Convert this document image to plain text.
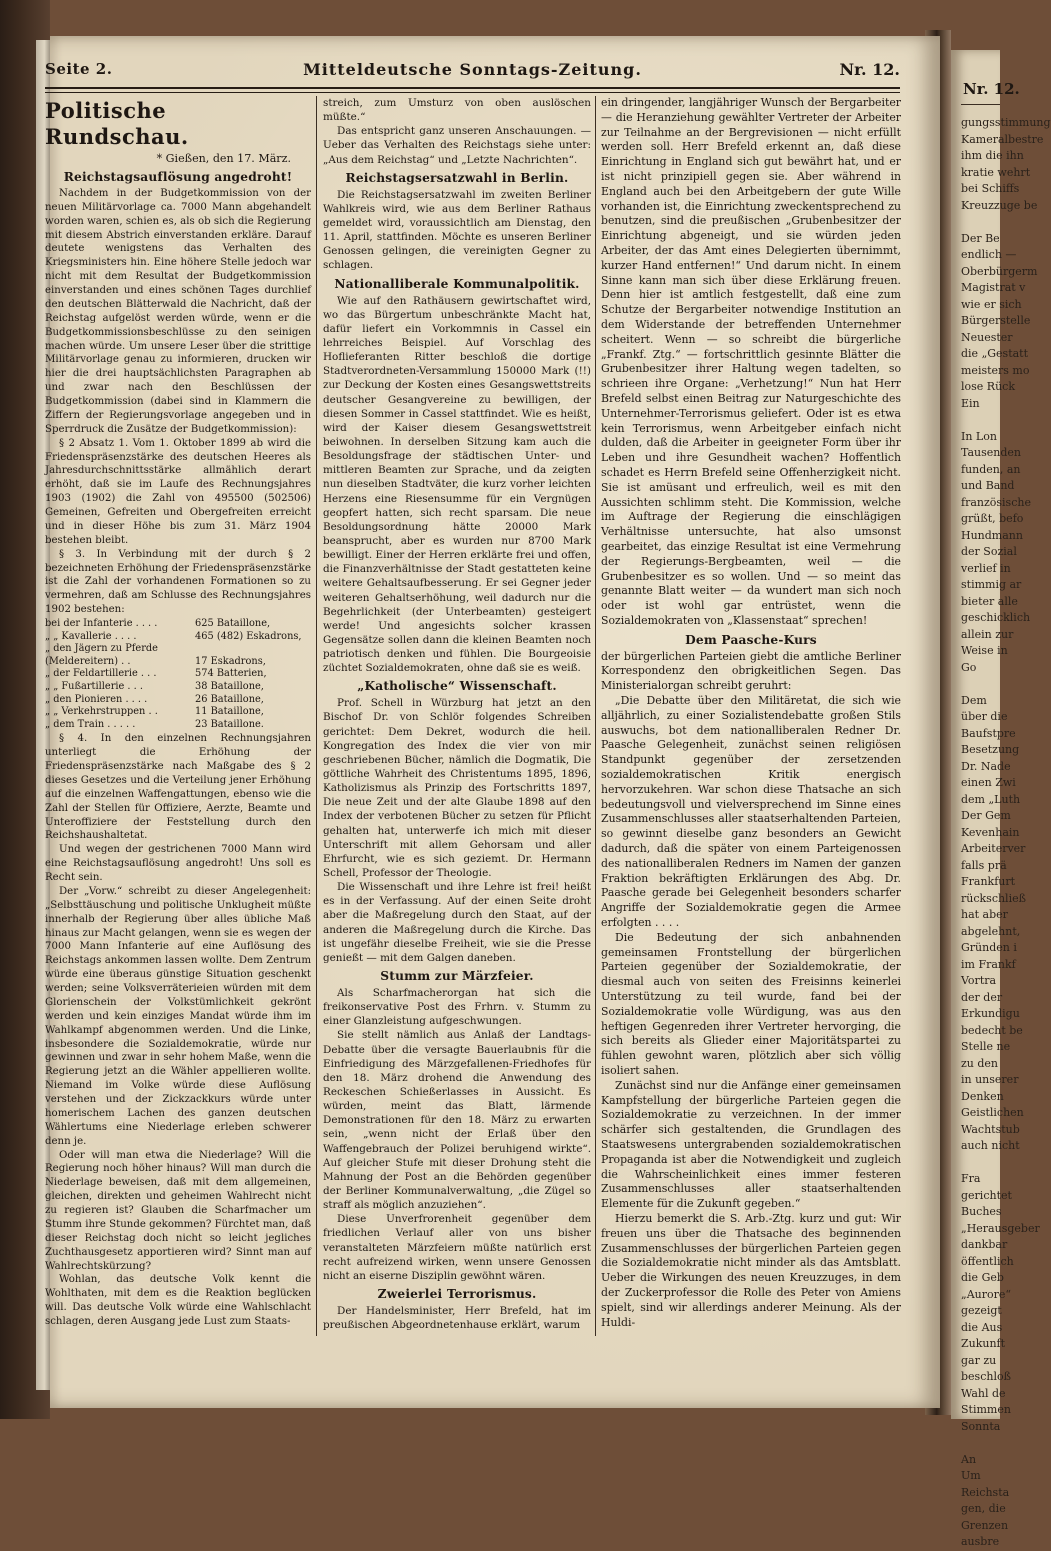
Mitteldeutsche Sonntags-Zeitung.
Seite 2.	Nr. 12.
Politische Rundschau.
* Gießen, den 17. März.
Reichstagsauflösung angedroht!

Nachdem in der Budgetkommission von der neuen Militärvorlage ca. 7000 Mann abgehandelt worden waren, schien es, als ob sich die Regierung mit diesem Abstrich einverstanden erkläre. Darauf deutete wenigstens das Verhalten des Kriegsministers hin. Eine höhere Stelle jedoch war nicht mit dem Resultat der Budgetkommission einverstanden und eines schönen Tages durchlief den deutschen Blätterwald die Nachricht, daß der Reichstag aufgelöst werden würde, wenn er die Budgetkommissionsbeschlüsse zu den seinigen machen würde. Um unsere Leser über die strittige Militärvorlage genau zu informieren, drucken wir hier die drei hauptsächlichsten Paragraphen ab und zwar nach den Beschlüssen der Budgetkommission (dabei sind in Klammern die Ziffern der Regierungsvorlage angegeben und in Sperrdruck die Zusätze der Budgetkommission):

§ 2 Absatz 1. Vom 1. Oktober 1899 ab wird die Friedenspräsenzstärke des deutschen Heeres als Jahresdurchschnittsstärke allmählich derart erhöht, daß sie im Laufe des Rechnungsjahres 1903 (1902) die Zahl von 495500 (502506) Gemeinen, Gefreiten und Obergefreiten erreicht und in dieser Höhe bis zum 31. März 1904 bestehen bleibt.

§ 3. In Verbindung mit der durch § 2 bezeichneten Erhöhung der Friedenspräsenzstärke ist die Zahl der vorhandenen Formationen so zu vermehren, daß am Schlusse des Rechnungsjahres 1902 bestehen:

bei der Infanterie . . . .	625 Bataillone,
„ „ Kavallerie . . . .	465 (482) Eskadrons,
„ den Jägern zu Pferde
(Meldereitern) . .	17 Eskadrons,
„ der Feldartillerie . . .	574 Batterien,
„ „ Fußartillerie . . .	38 Bataillone,
„ den Pionieren . . . .	26 Bataillone,
„ „ Verkehrstruppen . .	11 Bataillone,
„ dem Train . . . . .	23 Bataillone.

§ 4. In den einzelnen Rechnungsjahren unterliegt die Erhöhung der Friedenspräsenzstärke nach Maßgabe des § 2 dieses Gesetzes und die Verteilung jener Erhöhung auf die einzelnen Waffengattungen, ebenso wie die Zahl der Stellen für Offiziere, Aerzte, Beamte und Unteroffiziere der Feststellung durch den Reichshaushaltetat.

Und wegen der gestrichenen 7000 Mann wird eine Reichstagsauflösung angedroht! Uns soll es Recht sein.

Der „Vorw.“ schreibt zu dieser Angelegenheit: „Selbsttäuschung und politische Unklugheit müßte innerhalb der Regierung über alles übliche Maß hinaus zur Macht gelangen, wenn sie es wegen der 7000 Mann Infanterie auf eine Auflösung des Reichstags ankommen lassen wollte. Dem Zentrum würde eine überaus günstige Situation geschenkt werden; seine Volksverräterieien würden mit dem Glorienschein der Volkstümlichkeit gekrönt werden und kein einziges Mandat würde ihm im Wahlkampf abgenommen werden. Und die Linke, insbesondere die Sozialdemokratie, würde nur gewinnen und zwar in sehr hohem Maße, wenn die Regierung jetzt an die Wähler appellieren wollte. Niemand im Volke würde diese Auflösung verstehen und der Zickzackkurs würde unter homerischem Lachen des ganzen deutschen Wählertums eine Niederlage erleben schwerer denn je.

Oder will man etwa die Niederlage? Will die Regierung noch höher hinaus? Will man durch die Niederlage beweisen, daß mit dem allgemeinen, gleichen, direkten und geheimen Wahlrecht nicht zu regieren ist? Glauben die Scharfmacher um Stumm ihre Stunde gekommen? Fürchtet man, daß dieser Reichstag doch nicht so leicht jegliches Zuchthausgesetz apportieren wird? Sinnt man auf Wahlrechtskürzung?

Wohlan, das deutsche Volk kennt die Wohlthaten, mit dem es die Reaktion beglücken will. Das deutsche Volk würde eine Wahlschlacht schlagen, deren Ausgang jede Lust zum Staats-

streich, zum Umsturz von oben auslöschen müßte.“

Das entspricht ganz unseren Anschauungen. — Ueber das Verhalten des Reichstags siehe unter: „Aus dem Reichstag“ und „Letzte Nachrichten“.

Reichstagsersatzwahl in Berlin.

Die Reichstagsersatzwahl im zweiten Berliner Wahlkreis wird, wie aus dem Berliner Rathaus gemeldet wird, voraussichtlich am Dienstag, den 11. April, stattfinden. Möchte es unseren Berliner Genossen gelingen, die vereinigten Gegner zu schlagen.

Nationalliberale Kommunalpolitik.

Wie auf den Rathäusern gewirtschaftet wird, wo das Bürgertum unbeschränkte Macht hat, dafür liefert ein Vorkommnis in Cassel ein lehrreiches Beispiel. Auf Vorschlag des Hoflieferanten Ritter beschloß die dortige Stadtverordneten-Versammlung 150000 Mark (!!) zur Deckung der Kosten eines Gesangswettstreits deutscher Gesangvereine zu bewilligen, der diesen Sommer in Cassel stattfindet. Wie es heißt, wird der Kaiser diesem Gesangswettstreit beiwohnen. In derselben Sitzung kam auch die Besoldungsfrage der städtischen Unter- und mittleren Beamten zur Sprache, und da zeigten nun dieselben Stadtväter, die kurz vorher leichten Herzens eine Riesensumme für ein Vergnügen geopfert hatten, sich recht sparsam. Die neue Besoldungsordnung hätte 20000 Mark beansprucht, aber es wurden nur 8700 Mark bewilligt. Einer der Herren erklärte frei und offen, die Finanzverhältnisse der Stadt gestatteten keine weitere Gehaltsaufbesserung. Er sei Gegner jeder weiteren Gehaltserhöhung, weil dadurch nur die Begehrlichkeit (der Unterbeamten) gesteigert werde! Und angesichts solcher krassen Gegensätze sollen dann die kleinen Beamten noch patriotisch denken und fühlen. Die Bourgeoisie züchtet Sozialdemokraten, ohne daß sie es weiß.

„Katholische“ Wissenschaft.

Prof. Schell in Würzburg hat jetzt an den Bischof Dr. von Schlör folgendes Schreiben gerichtet: Dem Dekret, wodurch die heil. Kongregation des Index die vier von mir geschriebenen Bücher, nämlich die Dogmatik, Die göttliche Wahrheit des Christentums 1895, 1896, Katholizismus als Prinzip des Fortschritts 1897, Die neue Zeit und der alte Glaube 1898 auf den Index der verbotenen Bücher zu setzen für Pflicht gehalten hat, unterwerfe ich mich mit dieser Unterschrift mit allem Gehorsam und aller Ehrfurcht, wie es sich geziemt. Dr. Hermann Schell, Professor der Theologie.

Die Wissenschaft und ihre Lehre ist frei! heißt es in der Verfassung. Auf der einen Seite droht aber die Maßregelung durch den Staat, auf der anderen die Maßregelung durch die Kirche. Das ist ungefähr dieselbe Freiheit, wie sie die Presse genießt — mit dem Galgen daneben.

Stumm zur Märzfeier.

Als Scharfmacherorgan hat sich die freikonservative Post des Frhrn. v. Stumm zu einer Glanzleistung aufgeschwungen.

Sie stellt nämlich aus Anlaß der Landtags-Debatte über die versagte Bauerlaubnis für die Einfriedigung des Märzgefallenen-Friedhofes für den 18. März drohend die Anwendung des Reckeschen Schießerlasses in Aussicht. Es würden, meint das Blatt, lärmende Demonstrationen für den 18. März zu erwarten sein, „wenn nicht der Erlaß über den Waffengebrauch der Polizei beruhigend wirkte“. Auf gleicher Stufe mit dieser Drohung steht die Mahnung der Post an die Behörden gegenüber der Berliner Kommunalverwaltung, „die Zügel so straff als möglich anzuziehen“.

Diese Unverfrorenheit gegenüber dem friedlichen Verlauf aller von uns bisher veranstalteten Märzfeiern müßte natürlich erst recht aufreizend wirken, wenn unsere Genossen nicht an eiserne Disziplin gewöhnt wären.

Zweierlei Terrorismus.

Der Handelsminister, Herr Brefeld, hat im preußischen Abgeordnetenhause erklärt, warum

ein dringender, langjähriger Wunsch der Bergarbeiter — die Heranziehung gewählter Vertreter der Arbeiter zur Teilnahme an der Bergrevisionen — nicht erfüllt werden soll. Herr Brefeld erkennt an, daß diese Einrichtung in England sich gut bewährt hat, und er ist nicht prinzipiell gegen sie. Aber während in England auch bei den Arbeitgebern der gute Wille vorhanden ist, die Einrichtung zweckentsprechend zu benutzen, sind die preußischen „Grubenbesitzer der Einrichtung abgeneigt, und sie würden jeden Arbeiter, der das Amt eines Delegierten übernimmt, kurzer Hand entfernen!“ Und darum nicht. In einem Sinne kann man sich über diese Erklärung freuen. Denn hier ist amtlich festgestellt, daß eine zum Schutze der Bergarbeiter notwendige Institution an dem Widerstande der betreffenden Unternehmer scheitert. Wenn — so schreibt die bürgerliche „Frankf. Ztg.“ — fortschrittlich gesinnte Blätter die Grubenbesitzer ihrer Haltung wegen tadelten, so schrieen ihre Organe: „Verhetzung!“ Nun hat Herr Brefeld selbst einen Beitrag zur Naturgeschichte des Unternehmer-Terrorismus geliefert. Oder ist es etwa kein Terrorismus, wenn Arbeitgeber einfach nicht dulden, daß die Arbeiter in geeigneter Form über ihr Leben und ihre Gesundheit wachen? Hoffentlich schadet es Herrn Brefeld seine Offenherzigkeit nicht. Sie ist amüsant und erfreulich, weil es mit den Aussichten schlimm steht. Die Kommission, welche im Auftrage der Regierung die einschlägigen Verhältnisse untersuchte, hat also umsonst gearbeitet, das einzige Resultat ist eine Vermehrung der Regierungs-Bergbeamten, weil — die Grubenbesitzer es so wollen. Und — so meint das genannte Blatt weiter — da wundert man sich noch oder ist wohl gar entrüstet, wenn die Sozialdemokraten von „Klassenstaat“ sprechen!

Dem Paasche-Kurs

der bürgerlichen Parteien giebt die amtliche Berliner Korrespondenz den obrigkeitlichen Segen. Das Ministerialorgan schreibt geruhrt:

„Die Debatte über den Militäretat, die sich wie alljährlich, zu einer Sozialistendebatte großen Stils auswuchs, bot dem nationalliberalen Redner Dr. Paasche Gelegenheit, zunächst seinen religiösen Standpunkt gegenüber der zersetzenden sozialdemokratischen Kritik energisch hervorzukehren. War schon diese Thatsache an sich bedeutungsvoll und vielversprechend im Sinne eines Zusammenschlusses aller staatserhaltenden Parteien, so gewinnt dieselbe ganz besonders an Gewicht dadurch, daß die später von einem Parteigenossen des nationalliberalen Redners im Namen der ganzen Fraktion bekräftigten Erklärungen des Abg. Dr. Paasche gerade bei Gelegenheit besonders scharfer Angriffe der Sozialdemokratie gegen die Armee erfolgten . . . .

Die Bedeutung der sich anbahnenden gemeinsamen Frontstellung der bürgerlichen Parteien gegenüber der Sozialdemokratie, der diesmal auch von seiten des Freisinns keinerlei Unterstützung zu teil wurde, fand bei der Sozialdemokratie volle Würdigung, was aus den heftigen Gegenreden ihrer Vertreter hervorging, die sich bereits als Glieder einer Majoritätspartei zu fühlen gewohnt waren, plötzlich aber sich völlig isoliert sahen.

Zunächst sind nur die Anfänge einer gemeinsamen Kampfstellung der bürgerliche Parteien gegen die Sozialdemokratie zu verzeichnen. In der immer schärfer sich gestaltenden, die Grundlagen des Staatswesens untergrabenden sozialdemokratischen Propaganda ist aber die Notwendigkeit und zugleich die Wahrscheinlichkeit eines immer festeren Zusammenschlusses aller staatserhaltenden Elemente für die Zukunft gegeben.“

Hierzu bemerkt die S. Arb.-Ztg. kurz und gut: Wir freuen uns über die Thatsache des beginnenden Zusammenschlusses der bürgerlichen Parteien gegen die Sozialdemokratie nicht minder als das Amtsblatt. Ueber die Wirkungen des neuen Kreuzzuges, in dem der Zuckerprofessor die Rolle des Peter von Amiens spielt, sind wir allerdings anderer Meinung. Als der Huldi-

Nr. 12.
gungsstimmung
Kameralbestre
ihm die ihn
kratie wehrt
bei Schiffs
Kreuzzuge be

Der Be
endlich —
Oberbürgerm
Magistrat v
wie er sich
Bürgerstelle
Neuester
die „Gestatt
meisters mo
lose Rück
Ein

In Lon
Tausenden
funden, an
und Band
französische
grüßt, befo
Hundmann
der Sozial
verlief in
stimmig ar
bieter alle
geschicklich
allein zur
Weise in
Go

Dem
über die
Baufstpre
Besetzung
Dr. Nade
einen Zwi
dem „Luth
Der Gem
Kevenhain
Arbeiterver
falls prä
Frankfurt
rückschließ
hat aber
abgelehnt,
Gründen i
im Frankf
Vortra
der der
Erkundigu
bedecht be
Stelle ne
zu den
in unserer
Denken
Geistlichen
Wachtstub
auch nicht

Fra
gerichtet
Buches
„Herausgeber
dankbar
öffentlich
die Geb
„Aurore“
gezeigt
die Aus
Zukunft
gar zu
beschloß
Wahl de
Stimmen
Sonnta

An
Um
Reichsta
gen, die
Grenzen
ausbre
